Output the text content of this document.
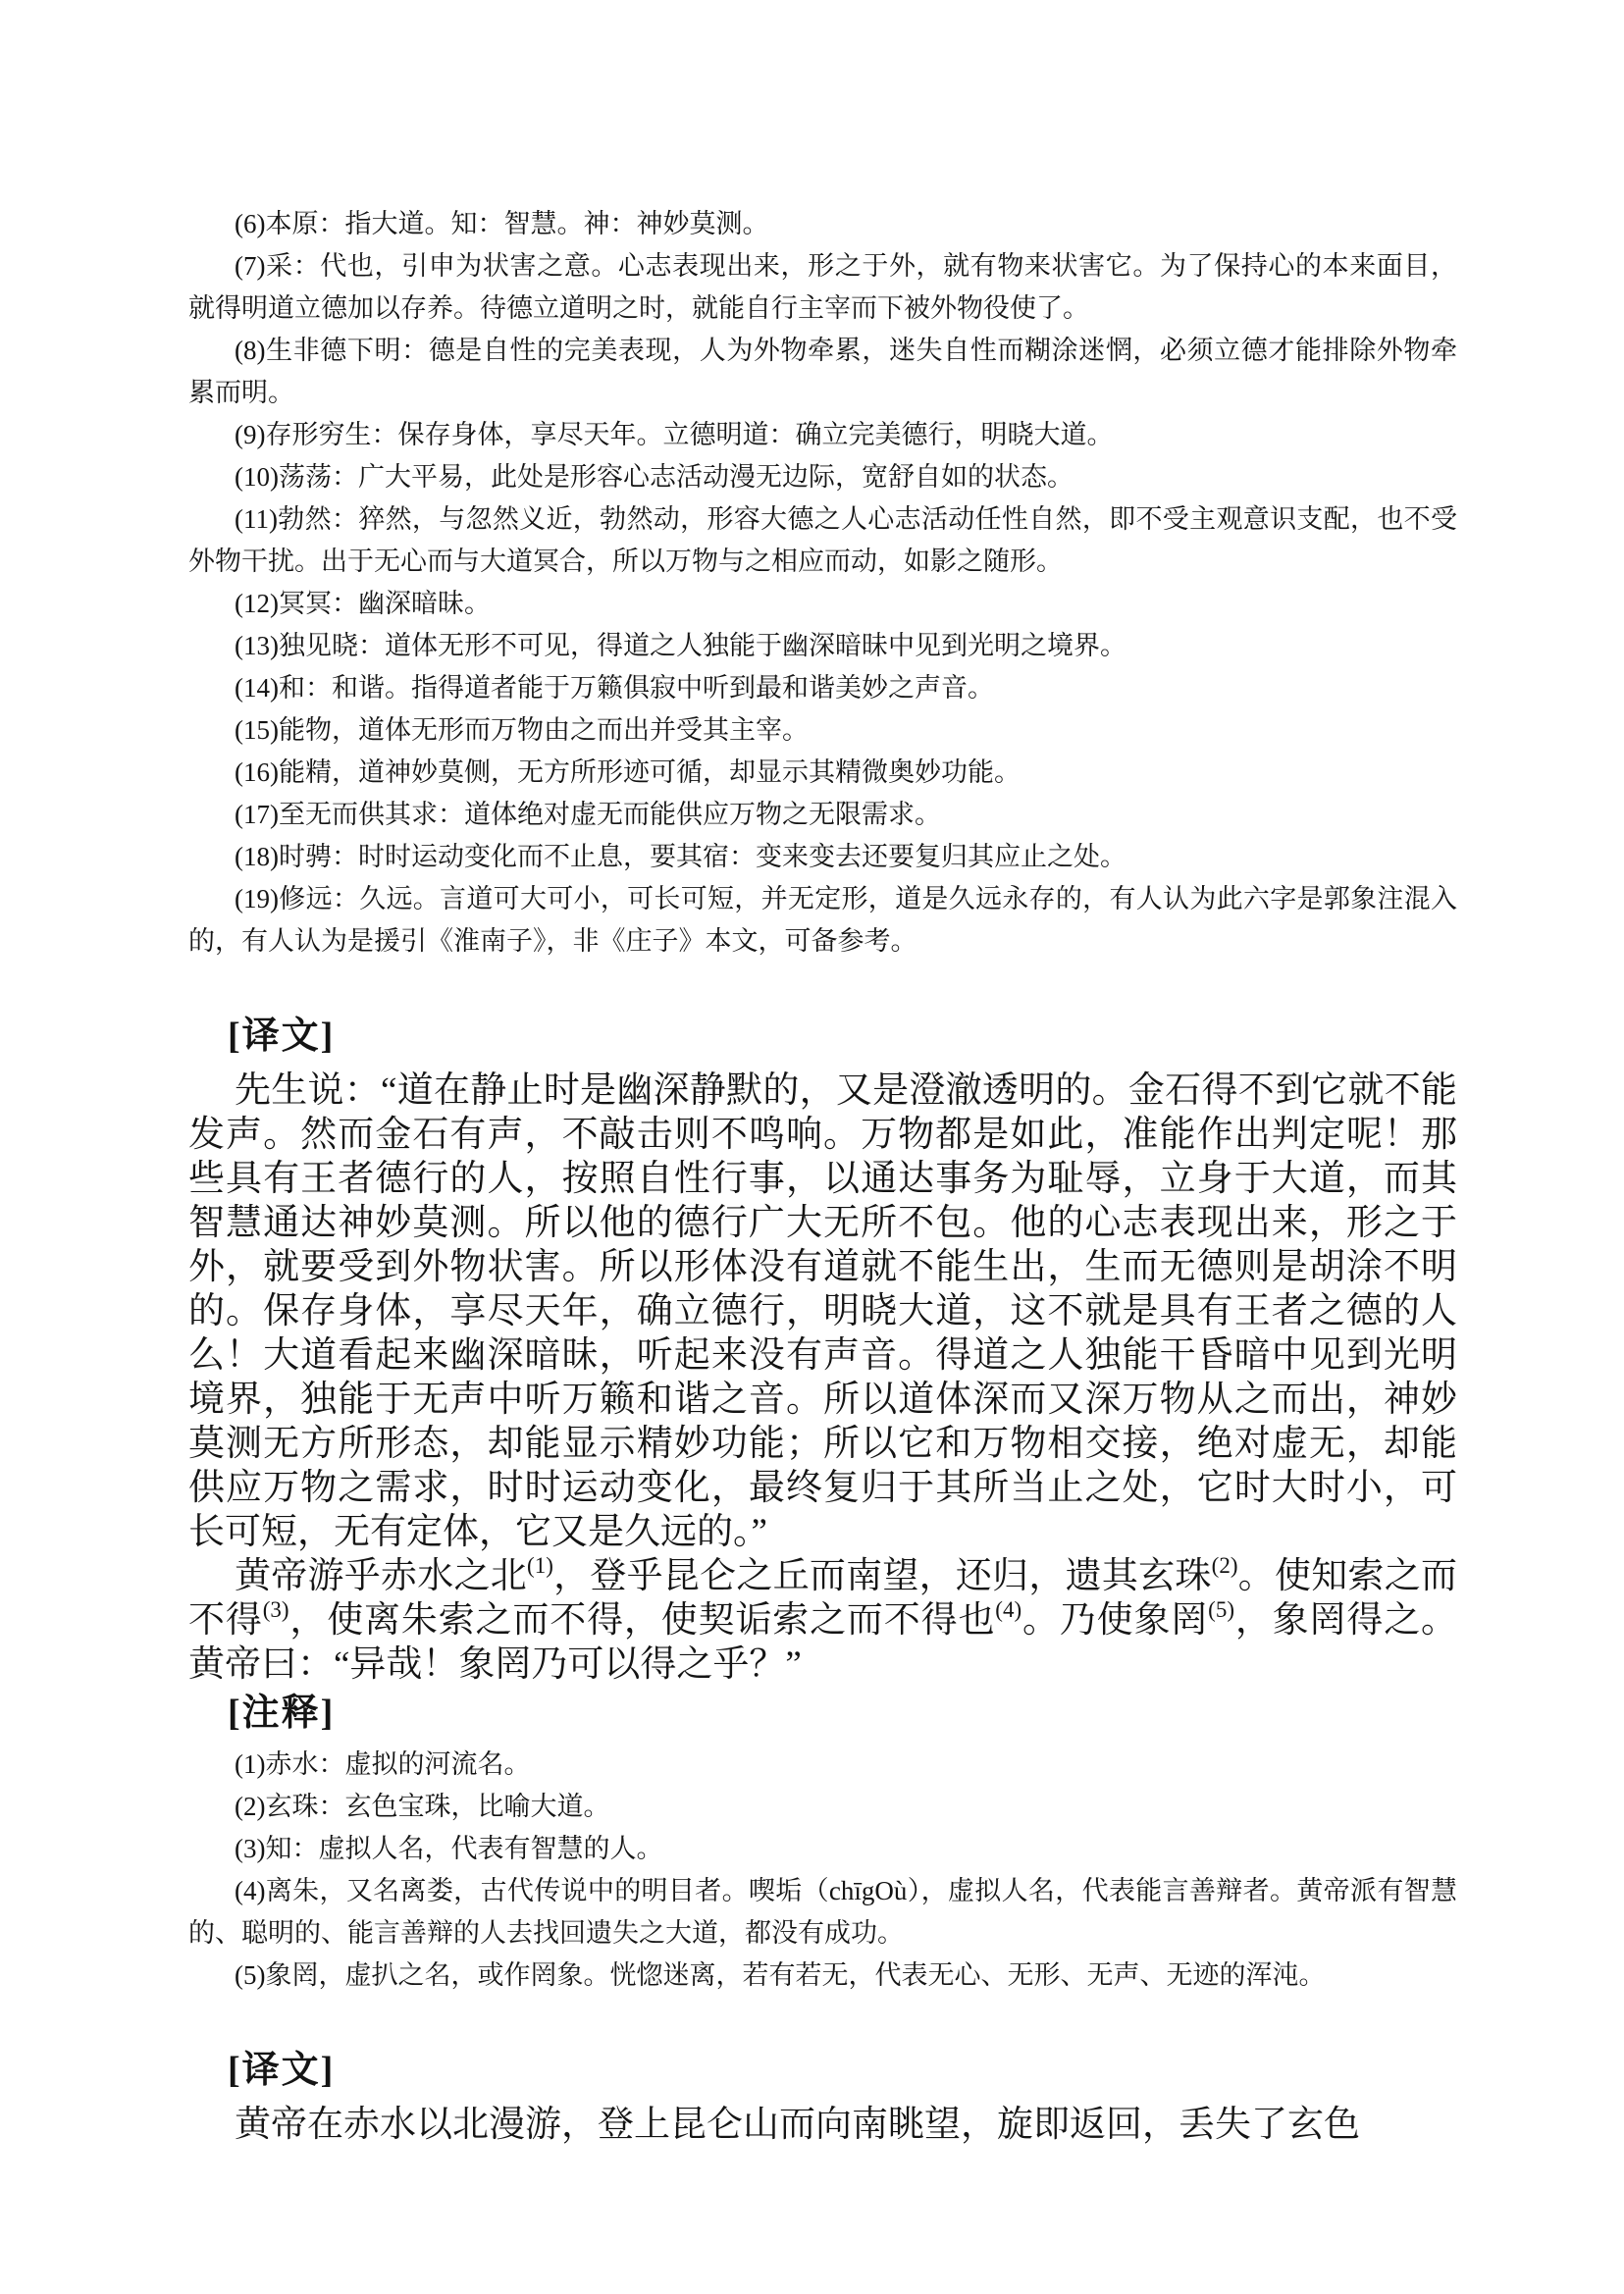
(6)本原：指大道。知：智慧。神：神妙莫测。

(7)采：代也，引申为状害之意。心志表现出来，形之于外，就有物来状害它。为了保持心的本来面目，就得明道立德加以存养。待德立道明之时，就能自行主宰而下被外物役使了。

(8)生非德下明：德是自性的完美表现，人为外物牵累，迷失自性而糊涂迷惘，必须立德才能排除外物牵累而明。

(9)存形穷生：保存身体，享尽天年。立德明道：确立完美德行，明晓大道。

(10)荡荡：广大平易，此处是形容心志活动漫无边际，宽舒自如的状态。

(11)勃然：猝然，与忽然义近，勃然动，形容大德之人心志活动任性自然，即不受主观意识支配，也不受外物干扰。出于无心而与大道冥合，所以万物与之相应而动，如影之随形。

(12)冥冥：幽深暗昧。

(13)独见晓：道体无形不可见，得道之人独能于幽深暗昧中见到光明之境界。

(14)和：和谐。指得道者能于万籁俱寂中听到最和谐美妙之声音。

(15)能物，道体无形而万物由之而出并受其主宰。

(16)能精，道神妙莫侧，无方所形迹可循，却显示其精微奥妙功能。

(17)至无而供其求：道体绝对虚无而能供应万物之无限需求。

(18)时骋：时时运动变化而不止息，要其宿：变来变去还要复归其应止之处。

(19)修远：久远。言道可大可小，可长可短，并无定形，道是久远永存的，有人认为此六字是郭象注混入的，有人认为是援引《淮南子》，非《庄子》本文，可备参考。

[译文]

先生说：“道在静止时是幽深静默的，又是澄澈透明的。金石得不到它就不能发声。然而金石有声，不敲击则不鸣响。万物都是如此，准能作出判定呢！那些具有王者德行的人，按照自性行事，以通达事务为耻辱，立身于大道，而其智慧通达神妙莫测。所以他的德行广大无所不包。他的心志表现出来，形之于外，就要受到外物状害。所以形体没有道就不能生出，生而无德则是胡涂不明的。保存身体，享尽天年，确立德行，明晓大道，这不就是具有王者之德的人么！大道看起来幽深暗昧，听起来没有声音。得道之人独能干昏暗中见到光明境界，独能于无声中听万籁和谐之音。所以道体深而又深万物从之而出，神妙莫测无方所形态，却能显示精妙功能；所以它和万物相交接，绝对虚无，却能供应万物之需求，时时运动变化，最终复归于其所当止之处，它时大时小，可长可短，无有定体，它又是久远的。”

黄帝游乎赤水之北$^{(1)}$，登乎昆仑之丘而南望，还归，遗其玄珠$^{(2)}$。使知索之而不得$^{(3)}$，使离朱索之而不得，使契诟索之而不得也$^{(4)}$。乃使象罔$^{(5)}$，象罔得之。黄帝曰：“异哉！象罔乃可以得之乎？”

[注释]

(1)赤水：虚拟的河流名。

(2)玄珠：玄色宝珠，比喻大道。

(3)知：虚拟人名，代表有智慧的人。

(4)离朱，又名离娄，古代传说中的明目者。喫垢（chīgOù），虚拟人名，代表能言善辩者。黄帝派有智慧的、聪明的、能言善辩的人去找回遗失之大道，都没有成功。

(5)象罔，虚扒之名，或作罔象。恍惚迷离，若有若无，代表无心、无形、无声、无迹的浑沌。

[译文]

黄帝在赤水以北漫游，登上昆仑山而向南眺望，旋即返回，丢失了玄色
